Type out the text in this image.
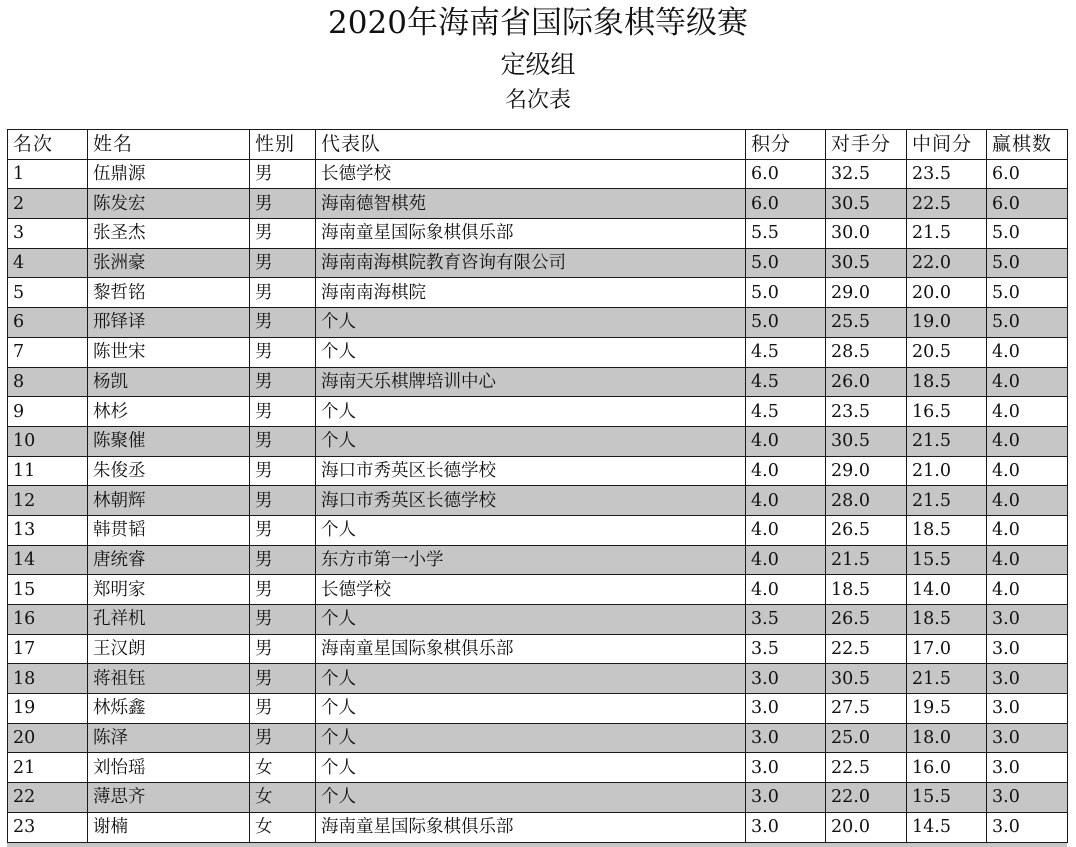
2020年海南省国际象棋等级赛
定级组
名次表
名次	姓名	性别	代表队	积分	对手分	中间分	赢棋数
1	伍鼎源	男	长德学校	6.0	32.5	23.5	6.0
2	陈发宏	男	海南德智棋苑	6.0	30.5	22.5	6.0
3	张圣杰	男	海南童星国际象棋俱乐部	5.5	30.0	21.5	5.0
4	张洲豪	男	海南南海棋院教育咨询有限公司	5.0	30.5	22.0	5.0
5	黎哲铭	男	海南南海棋院	5.0	29.0	20.0	5.0
6	邢铎译	男	个人	5.0	25.5	19.0	5.0
7	陈世宋	男	个人	4.5	28.5	20.5	4.0
8	杨凯	男	海南天乐棋牌培训中心	4.5	26.0	18.5	4.0
9	林杉	男	个人	4.5	23.5	16.5	4.0
10	陈聚催	男	个人	4.0	30.5	21.5	4.0
11	朱俊丞	男	海口市秀英区长德学校	4.0	29.0	21.0	4.0
12	林朝辉	男	海口市秀英区长德学校	4.0	28.0	21.5	4.0
13	韩贯韬	男	个人	4.0	26.5	18.5	4.0
14	唐统睿	男	东方市第一小学	4.0	21.5	15.5	4.0
15	郑明家	男	长德学校	4.0	18.5	14.0	4.0
16	孔祥机	男	个人	3.5	26.5	18.5	3.0
17	王汉朗	男	海南童星国际象棋俱乐部	3.5	22.5	17.0	3.0
18	蒋祖钰	男	个人	3.0	30.5	21.5	3.0
19	林烁鑫	男	个人	3.0	27.5	19.5	3.0
20	陈泽	男	个人	3.0	25.0	18.0	3.0
21	刘怡瑶	女	个人	3.0	22.5	16.0	3.0
22	薄思齐	女	个人	3.0	22.0	15.5	3.0
23	谢楠	女	海南童星国际象棋俱乐部	3.0	20.0	14.5	3.0
